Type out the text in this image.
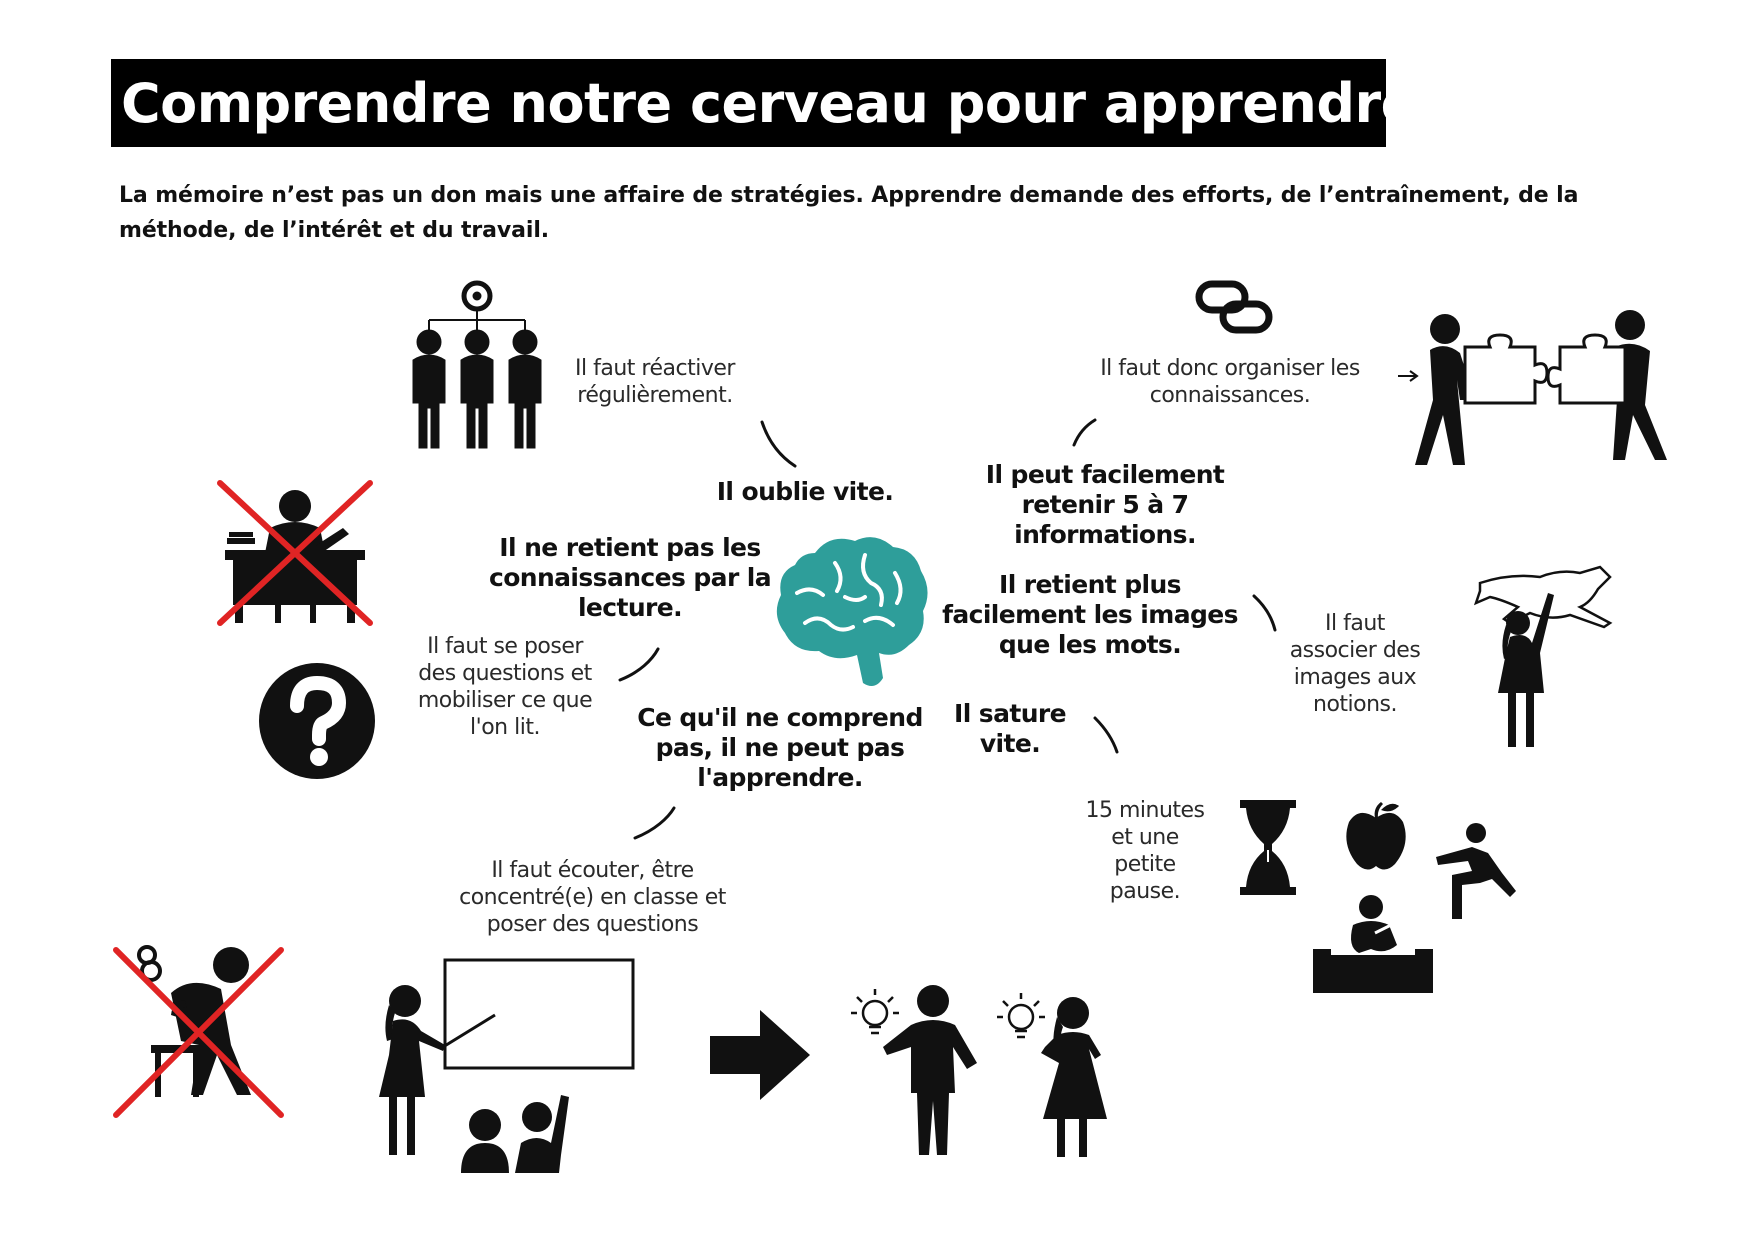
Comprendre notre cerveau pour apprendre
La mémoire n’est pas un don mais une affaire de stratégies. Apprendre demande des efforts, de l’entraînement, de la méthode, de l’intérêt et du travail.
Il oublie vite.
Il ne retient pas les
connaissances par la
lecture.
Ce qu'il ne comprend
pas, il ne peut pas
l'apprendre.
Il peut facilement
retenir 5 à 7
informations.
Il retient plus
facilement les images
que les mots.
Il sature
vite.
Il faut réactiver
régulièrement.
Il faut donc organiser les
connaissances.
Il faut se poser
des questions et
mobiliser ce que
l'on lit.
Il faut écouter, être
concentré(e) en classe et
poser des questions
Il faut
associer des
images aux
notions.
15 minutes
et une
petite
pause.
